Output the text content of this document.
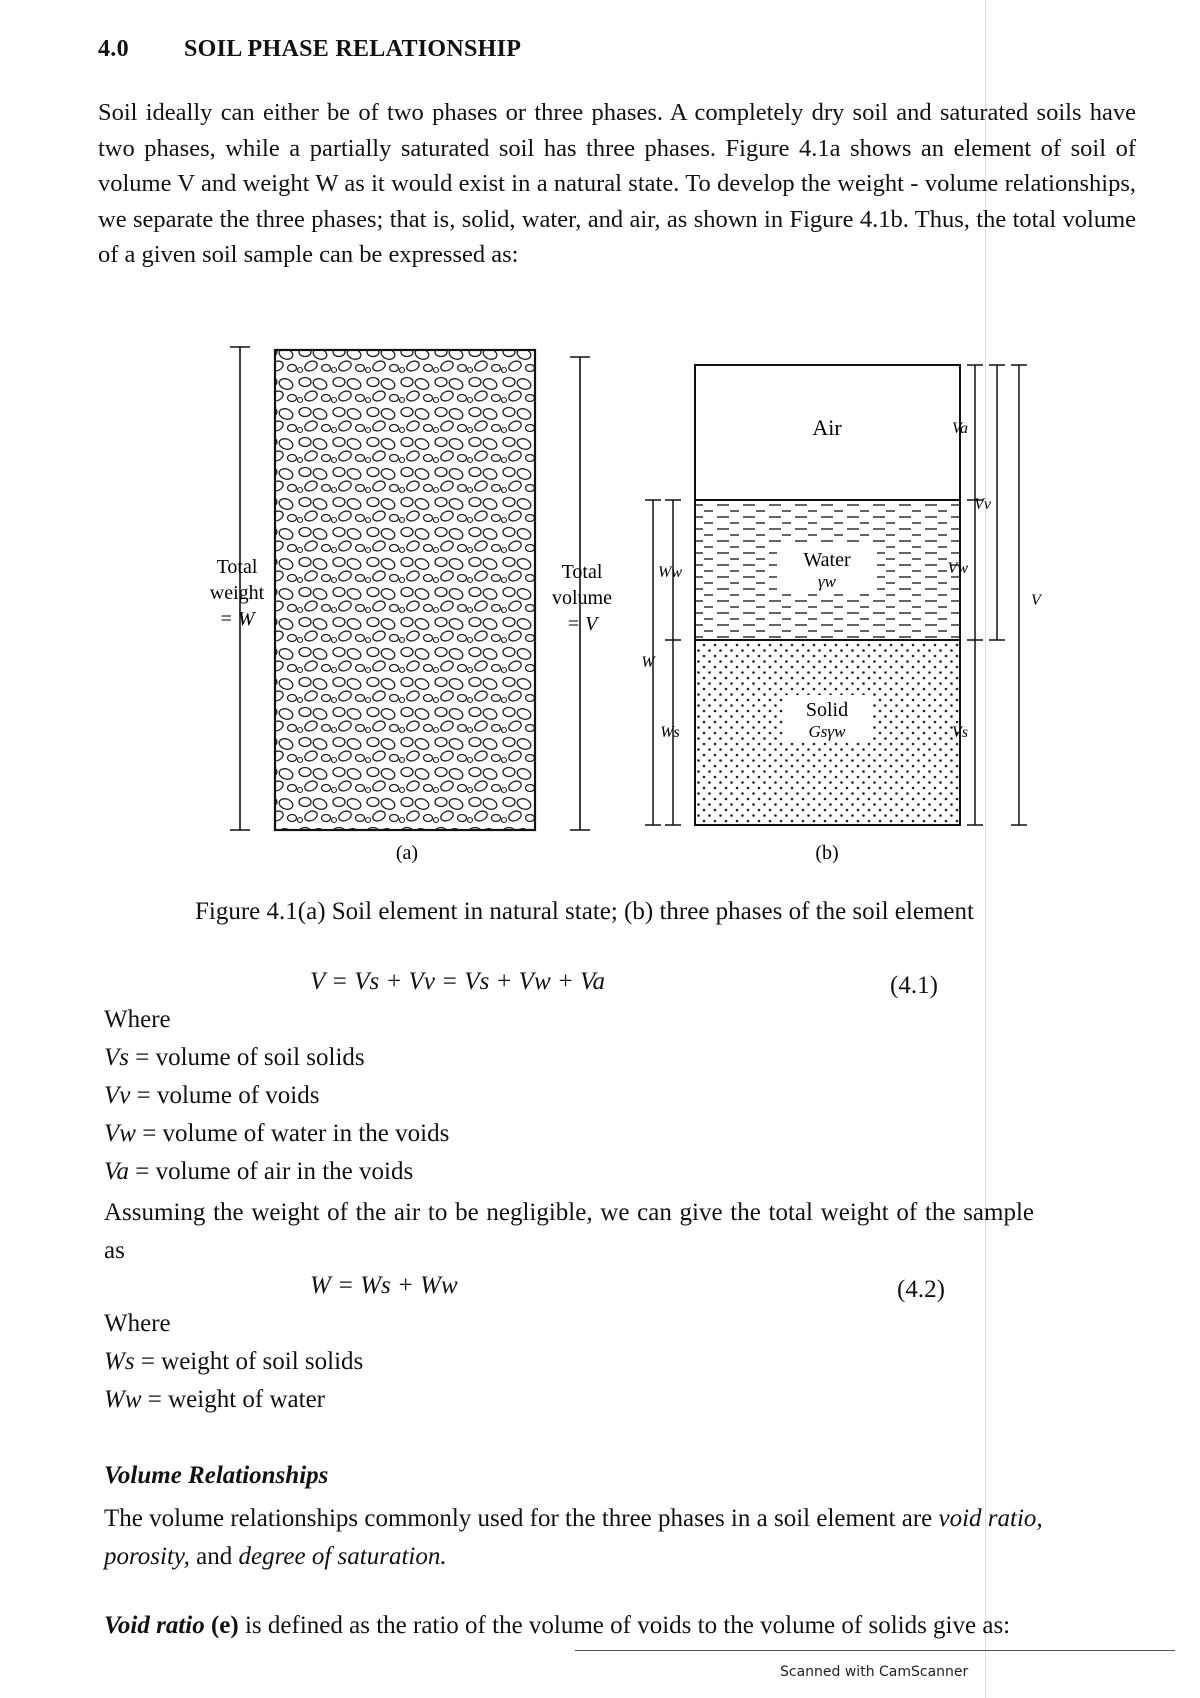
4.0 SOIL PHASE RELATIONSHIP
Soil ideally can either be of two phases or three phases. A completely dry soil and saturated soils have two phases, while a partially saturated soil has three phases. Figure 4.1a shows an element of soil of volume V and weight W as it would exist in a natural state. To develop the weight - volume relationships, we separate the three phases; that is, solid, water, and air, as shown in Figure 4.1b. Thus, the total volume of a given soil sample can be expressed as:
Total
weight
= W
Total
volume
= V
(a)
Air
Water
γw
Solid
Gsγw
Ww
W
Ws
Va
Vv
Vw
V
Vs
(b)
Figure 4.1(a) Soil element in natural state; (b) three phases of the soil element
V = Vs + Vv = Vs + Vw + Va	(4.1)
Where
Vs = volume of soil solids
Vv = volume of voids
Vw = volume of water in the voids
Va = volume of air in the voids
Assuming the weight of the air to be negligible, we can give the total weight of the sample as
W = Ws + Ww	(4.2)
Where
Ws = weight of soil solids
Ww = weight of water
Volume Relationships
The volume relationships commonly used for the three phases in a soil element are void ratio,
porosity, and degree of saturation.
Void ratio (e) is defined as the ratio of the volume of voids to the volume of solids give as:
Scanned with CamScanner
